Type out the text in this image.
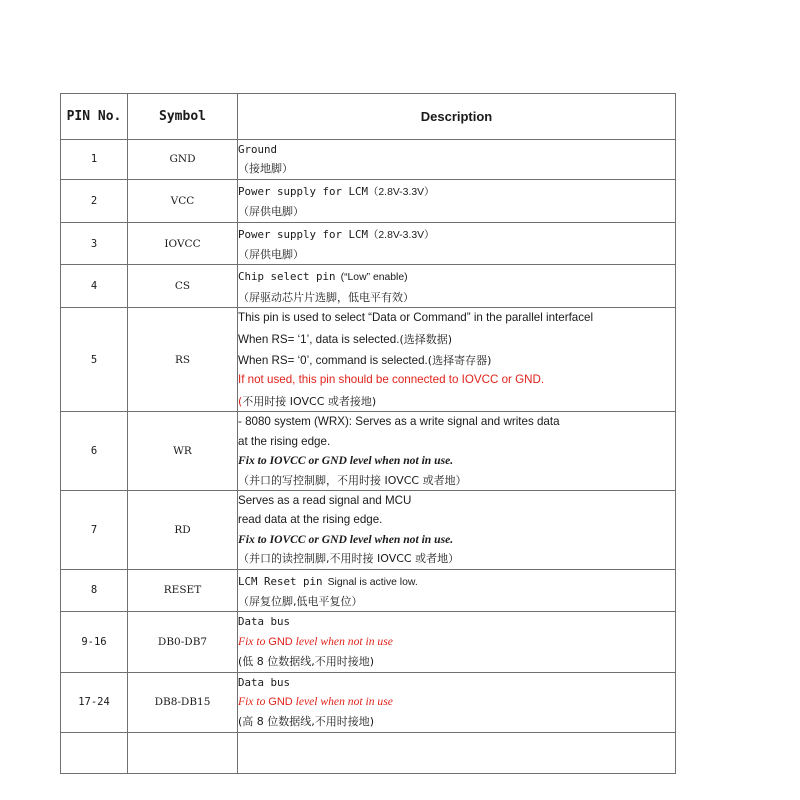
PIN No.	Symbol	Description
1	GND	Ground
（接地脚）

2	VCC	Power supply for LCM（2.8V-3.3V）
（屏供电脚）

3	IOVCC	Power supply for LCM（2.8V-3.3V）
（屏供电脚）

4	CS	Chip select pin (“Low” enable)
（屏驱动芯片片选脚，低电平有效）

5	RS	This pin is used to select “Data or Command” in the parallel interfacel
When RS= ‘1’, data is selected.(选择数据)
When RS= ‘0’, command is selected.(选择寄存器)
If not used, this pin should be connected to IOVCC or GND.
(不用时接 IOVCC 或者接地)

6	WR	- 8080 system (WRX): Serves as a write signal and writes data
at the rising edge.
Fix to IOVCC or GND level when not in use.
（并口的写控制脚，不用时接 IOVCC 或者地）

7	RD	Serves as a read signal and MCU
read data at the rising edge.
Fix to IOVCC or GND level when not in use.
（并口的读控制脚,不用时接 IOVCC 或者地）

8	RESET	LCM Reset pin Signal is active low.
（屏复位脚,低电平复位）

9-16	DB0-DB7	Data bus
Fix to GND level when not in use
(低 8 位数据线,不用时接地)

17-24	DB8-DB15	Data bus
Fix to GND level when not in use
(高 8 位数据线,不用时接地)
